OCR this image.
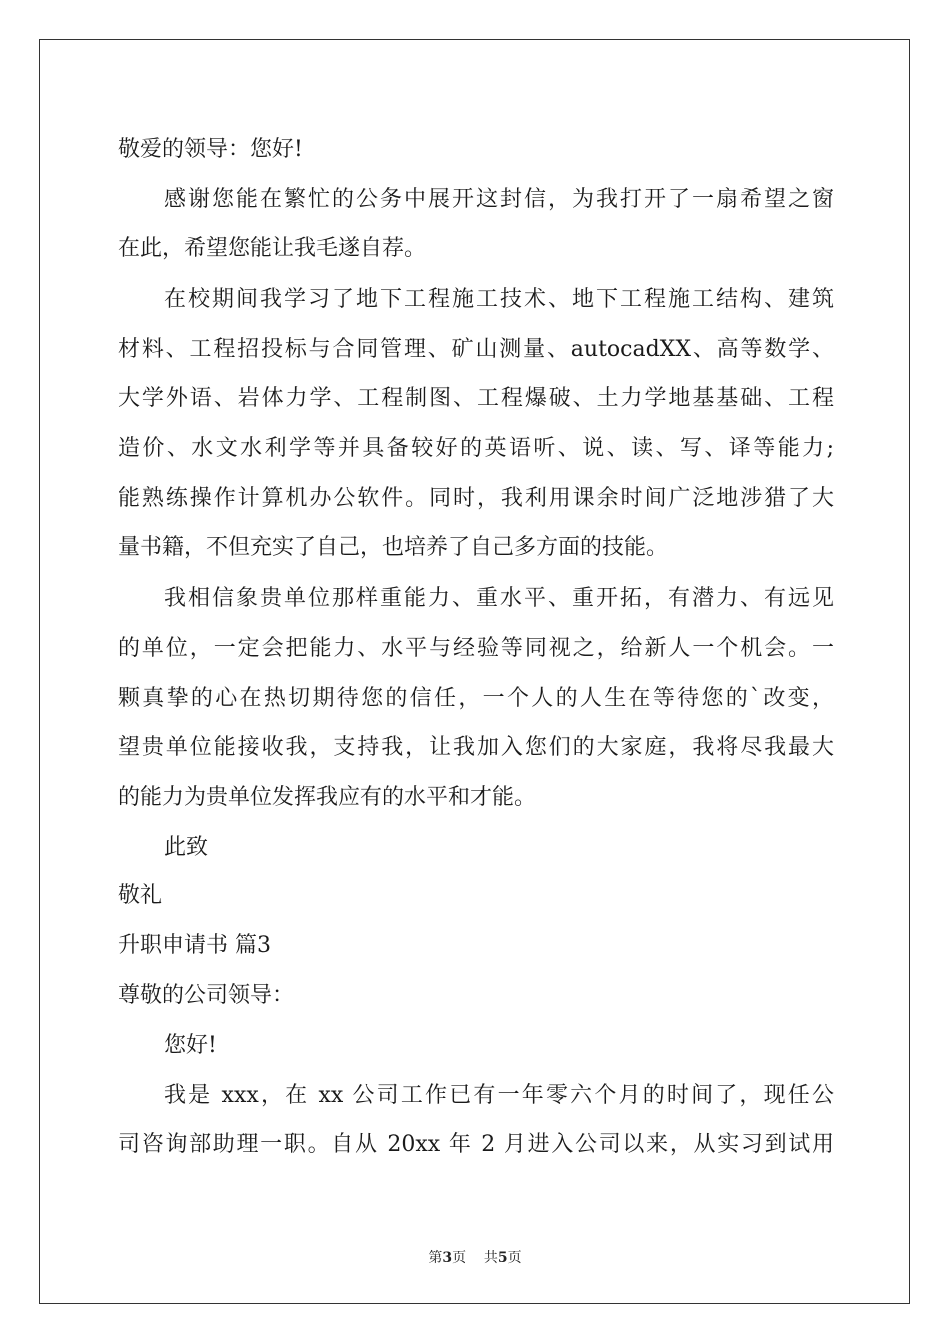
敬爱的领导：您好!
感谢您能在繁忙的公务中展开这封信，为我打开了一扇希望之窗
在此，希望您能让我毛遂自荐。
在校期间我学习了地下工程施工技术、地下工程施工结构、建筑
材料、工程招投标与合同管理、矿山测量、autocadXX、高等数学、
大学外语、岩体力学、工程制图、工程爆破、土力学地基基础、工程
造价、水文水利学等并具备较好的英语听、说、读、写、译等能力;
能熟练操作计算机办公软件。同时，我利用课余时间广泛地涉猎了大
量书籍，不但充实了自己，也培养了自己多方面的技能。
我相信象贵单位那样重能力、重水平、重开拓，有潜力、有远见
的单位，一定会把能力、水平与经验等同视之，给新人一个机会。一
颗真挚的心在热切期待您的信任，一个人的人生在等待您的`改变，
望贵单位能接收我，支持我，让我加入您们的大家庭，我将尽我最大
的能力为贵单位发挥我应有的水平和才能。
此致
敬礼
升职申请书 篇3
尊敬的公司领导：
您好!
我是 xxx，在 xx 公司工作已有一年零六个月的时间了，现任公
司咨询部助理一职。自从 20xx 年 2 月进入公司以来，从实习到试用
第3页    共5页
